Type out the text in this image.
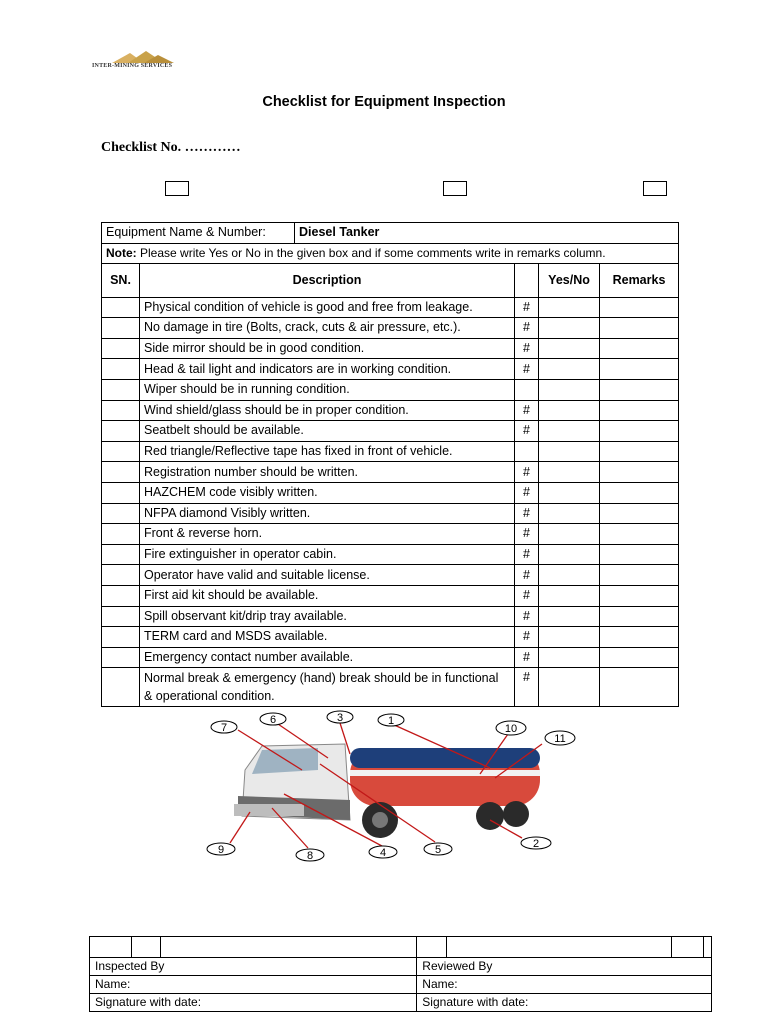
INTER-MINING SERVICES
Checklist for Equipment Inspection
Checklist No. …………
Equipment Name & Number:		Diesel Tanker			
Note: Please write Yes or No in the given box and if some comments write in remarks column.					
SN.	Description			Yes/No	Remarks
	Physical condition of vehicle is good and free from leakage.		#		
	No damage in tire (Bolts, crack, cuts & air pressure, etc.).		#		
	Side mirror should be in good condition.		#		
	Head & tail light and indicators are in working condition.		#		
	Wiper should be in running condition.				
	Wind shield/glass should be in proper condition.		#		
	Seatbelt should be available.		#		
	Red triangle/Reflective tape has fixed in front of vehicle.				
	Registration number should be written.		#		
	HAZCHEM code visibly written.		#		
	NFPA diamond Visibly written.		#		
	Front & reverse horn.		#		
	Fire extinguisher in operator cabin.		#		
	Operator have valid and suitable license.		#		
	First aid kit should be available.		#		
	Spill observant kit/drip tray available.		#		
	TERM card and MSDS available.		#		
	Emergency contact number available.		#		
	Normal break & emergency (hand) break should be in functional & operational condition.		#		
7
6	3	1
10
11
9	8	4	5	2

Inspected By			Reviewed By			
Name:			Name:			
Signature with date:			Signature with date:			
